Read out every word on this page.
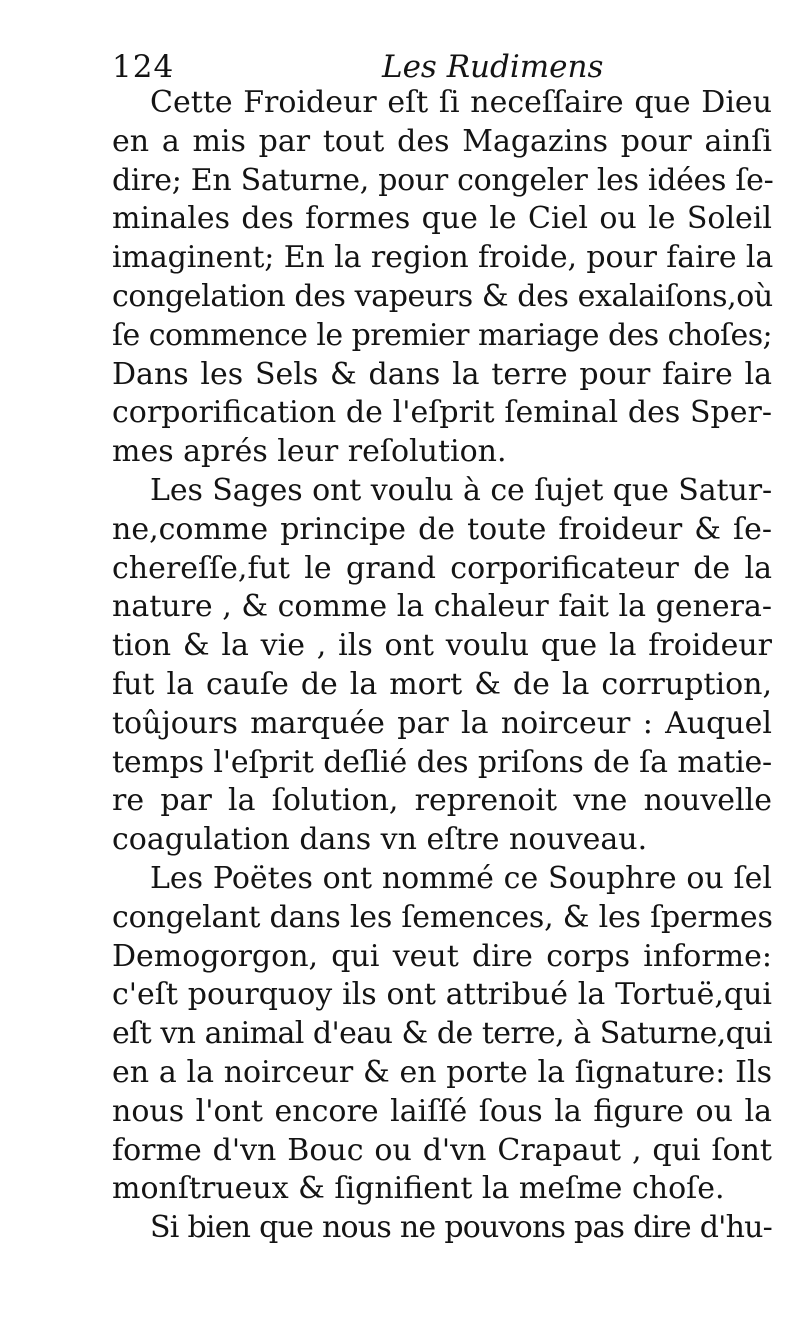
124	Les Rudimens
Cette Froideur eſt ſi neceſſaire que Dieu
en a mis par tout des Magazins pour ainſi
dire; En Saturne, pour congeler les idées ſe-
minales des formes que le Ciel ou le Soleil
imaginent; En la region froide, pour faire la
congelation des vapeurs & des exalaiſons,où
ſe commence le premier mariage des choſes;
Dans les Sels & dans la terre pour faire la
corporification de l'eſprit ſeminal des Sper-
mes aprés leur reſolution.
Les Sages ont voulu à ce ſujet que Satur-
ne,comme principe de toute froideur & ſe-
chereſſe,fut le grand corporificateur de la
nature , & comme la chaleur fait la genera-
tion & la vie , ils ont voulu que la froideur
fut la cauſe de la mort & de la corruption,
toûjours marquée par la noirceur : Auquel
temps l'eſprit deſlié des priſons de ſa matie-
re par la ſolution, reprenoit vne nouvelle
coagulation dans vn eſtre nouveau.
Les Poëtes ont nommé ce Souphre ou ſel
congelant dans les ſemences, & les ſpermes
Demogorgon, qui veut dire corps informe:
c'eſt pourquoy ils ont attribué la Tortuë,qui
eſt vn animal d'eau & de terre, à Saturne,qui
en a la noirceur & en porte la ſignature: Ils
nous l'ont encore laiſſé ſous la figure ou la
forme d'vn Bouc ou d'vn Crapaut , qui ſont
monſtrueux & ſignifient la meſme choſe.
Si bien que nous ne pouvons pas dire d'hu-
